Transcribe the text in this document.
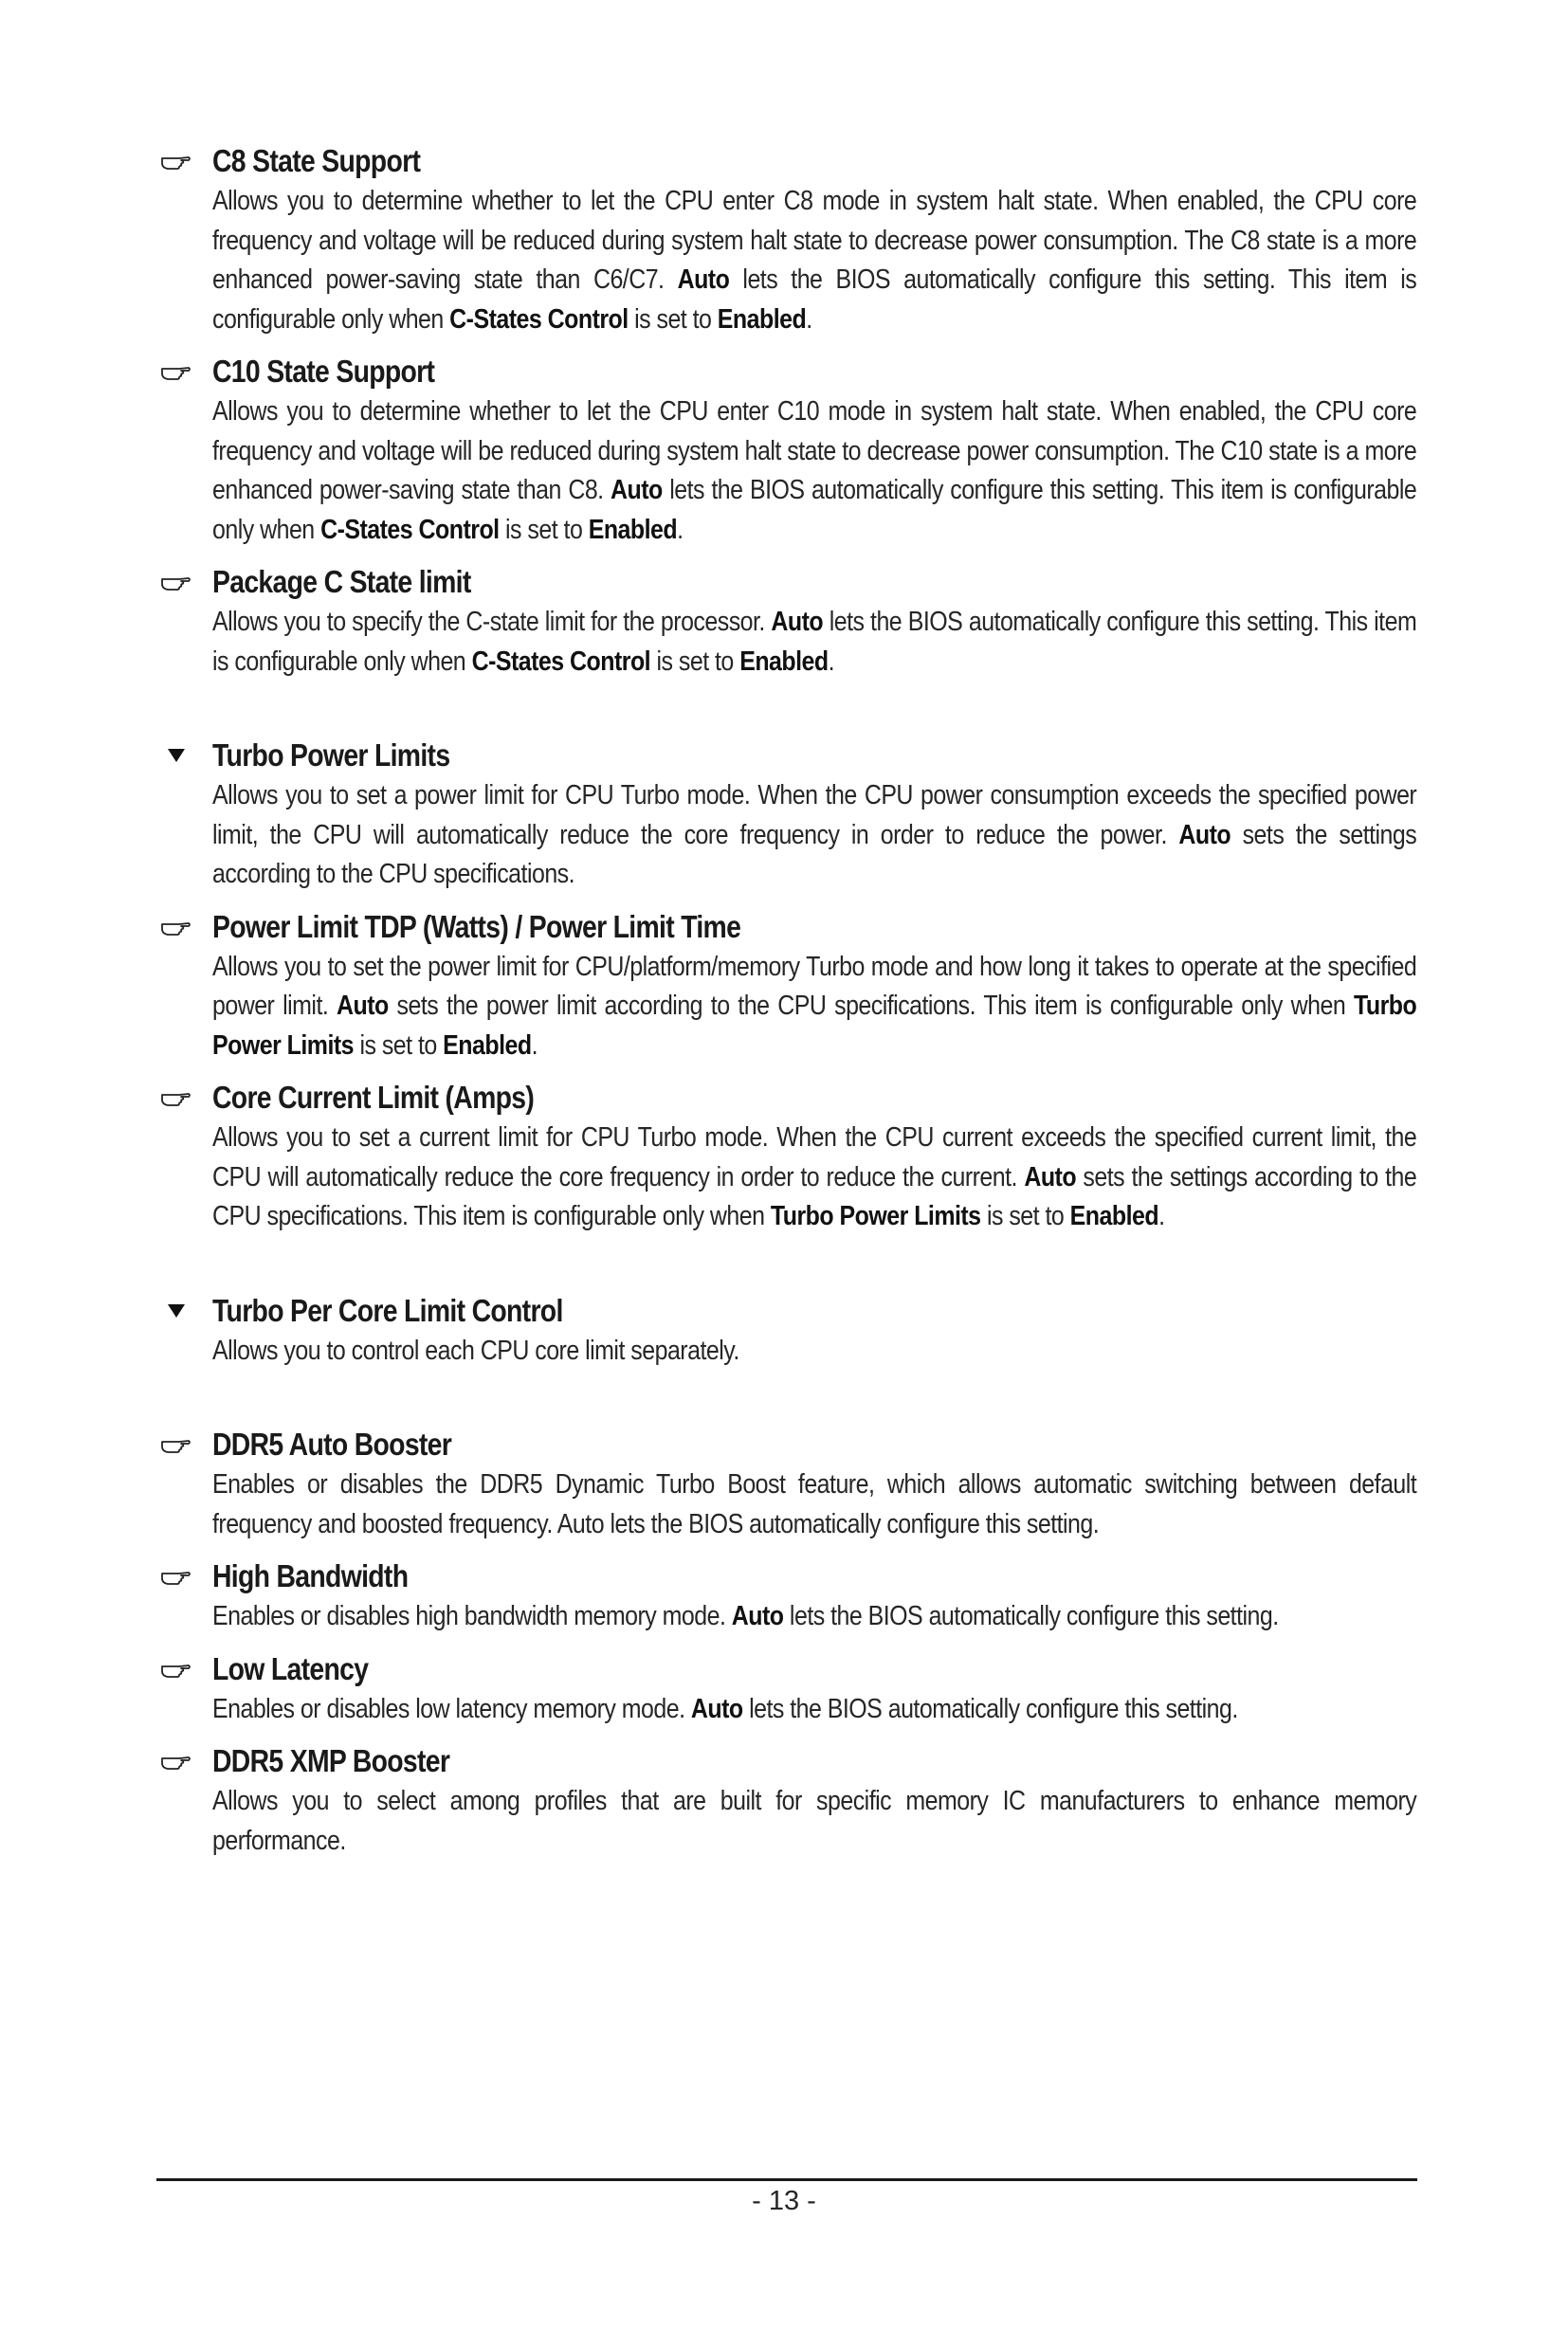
C8 State Support
Allows you to determine whether to let the CPU enter C8 mode in system halt state. When enabled, the CPU core frequency and voltage will be reduced during system halt state to decrease power consumption. The C8 state is a more enhanced power-saving state than C6/C7. Auto lets the BIOS automatically configure this setting. This item is configurable only when C-States Control is set to Enabled.
C10 State Support
Allows you to determine whether to let the CPU enter C10 mode in system halt state. When enabled, the CPU core frequency and voltage will be reduced during system halt state to decrease power consumption. The C10 state is a more enhanced power-saving state than C8. Auto lets the BIOS automatically configure this setting. This item is configurable only when C-States Control is set to Enabled.
Package C State limit
Allows you to specify the C-state limit for the processor. Auto lets the BIOS automatically configure this setting. This item is configurable only when C-States Control is set to Enabled.
Turbo Power Limits
Allows you to set a power limit for CPU Turbo mode. When the CPU power consumption exceeds the specified power limit, the CPU will automatically reduce the core frequency in order to reduce the power. Auto sets the settings according to the CPU specifications.
Power Limit TDP (Watts) / Power Limit Time
Allows you to set the power limit for CPU/platform/memory Turbo mode and how long it takes to operate at the specified power limit. Auto sets the power limit according to the CPU specifications. This item is configurable only when Turbo Power Limits is set to Enabled.
Core Current Limit (Amps)
Allows you to set a current limit for CPU Turbo mode. When the CPU current exceeds the specified current limit, the CPU will automatically reduce the core frequency in order to reduce the current. Auto sets the settings according to the CPU specifications. This item is configurable only when Turbo Power Limits is set to Enabled.
Turbo Per Core Limit Control
Allows you to control each CPU core limit separately.
DDR5 Auto Booster
Enables or disables the DDR5 Dynamic Turbo Boost feature, which allows automatic switching between default frequency and boosted frequency. Auto lets the BIOS automatically configure this setting.
High Bandwidth
Enables or disables high bandwidth memory mode. Auto lets the BIOS automatically configure this setting.
Low Latency
Enables or disables low latency memory mode. Auto lets the BIOS automatically configure this setting.
DDR5 XMP Booster
Allows you to select among profiles that are built for specific memory IC manufacturers to enhance memory performance.
- 13 -
